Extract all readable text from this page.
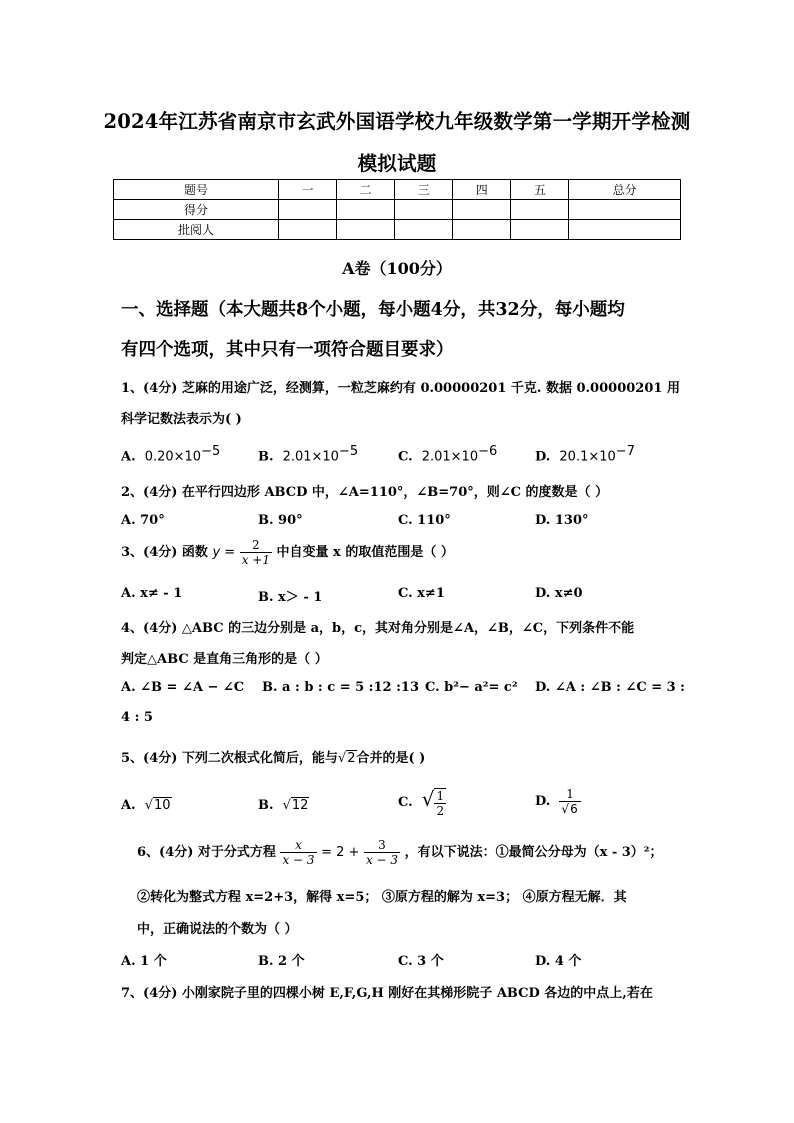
2024年江苏省南京市玄武外国语学校九年级数学第一学期开学检测
模拟试题
题号	一	二	三	四	五	总分
得分						
批阅人						
A卷（100分）
一、选择题（本大题共8个小题，每小题4分，共32分，每小题均
有四个选项，其中只有一项符合题目要求）
1、(4分) 芝麻的用途广泛，经测算，一粒芝麻约有 0.00000201 千克. 数据 0.00000201 用
科学记数法表示为( )
A. $0.20\times 10^{-5}$	B. $2.01\times 10^{-5}$	C. $2.01\times 10^{-6}$	D. $20.1\times 10^{-7}$
2、(4分) 在平行四边形 ABCD 中，∠A=110°，∠B=70°，则∠C 的度数是（ ）
A. 70°	B. 90°	C. 110°	D. 130°
3、(4分) 函数 $y = \frac{2}{x +1}$ 中自变量 x 的取值范围是（ ）
A. x≠ - 1	B. x＞ - 1	C. x≠1	D. x≠0
4、(4分) △ABC 的三边分别是 a，b，c，其对角分别是∠A，∠B，∠C，下列条件不能
判定△ABC 是直角三角形的是（ ）
A. ∠B = ∠A − ∠C B. a : b : c = 5 :12 :13 C. b²− a²= c² D. ∠A : ∠B : ∠C = 3 :
4 : 5
5、(4分) 下列二次根式化简后，能与√2合并的是( )
A. √10	B. √12	C. √ $\frac{1}{2}$	D. $\frac{1}{√6}$
6、(4分) 对于分式方程 $\frac{x}{x - 3} = 2 + \frac{3}{x - 3}$ ，有以下说法：①最简公分母为（x - 3）²；
②转化为整式方程 x=2+3，解得 x=5； ③原方程的解为 x=3； ④原方程无解．其
中，正确说法的个数为（ ）
A. 1 个	B. 2 个	C. 3 个	D. 4 个
7、(4分) 小刚家院子里的四棵小树 E,F,G,H 刚好在其梯形院子 ABCD 各边的中点上,若在
